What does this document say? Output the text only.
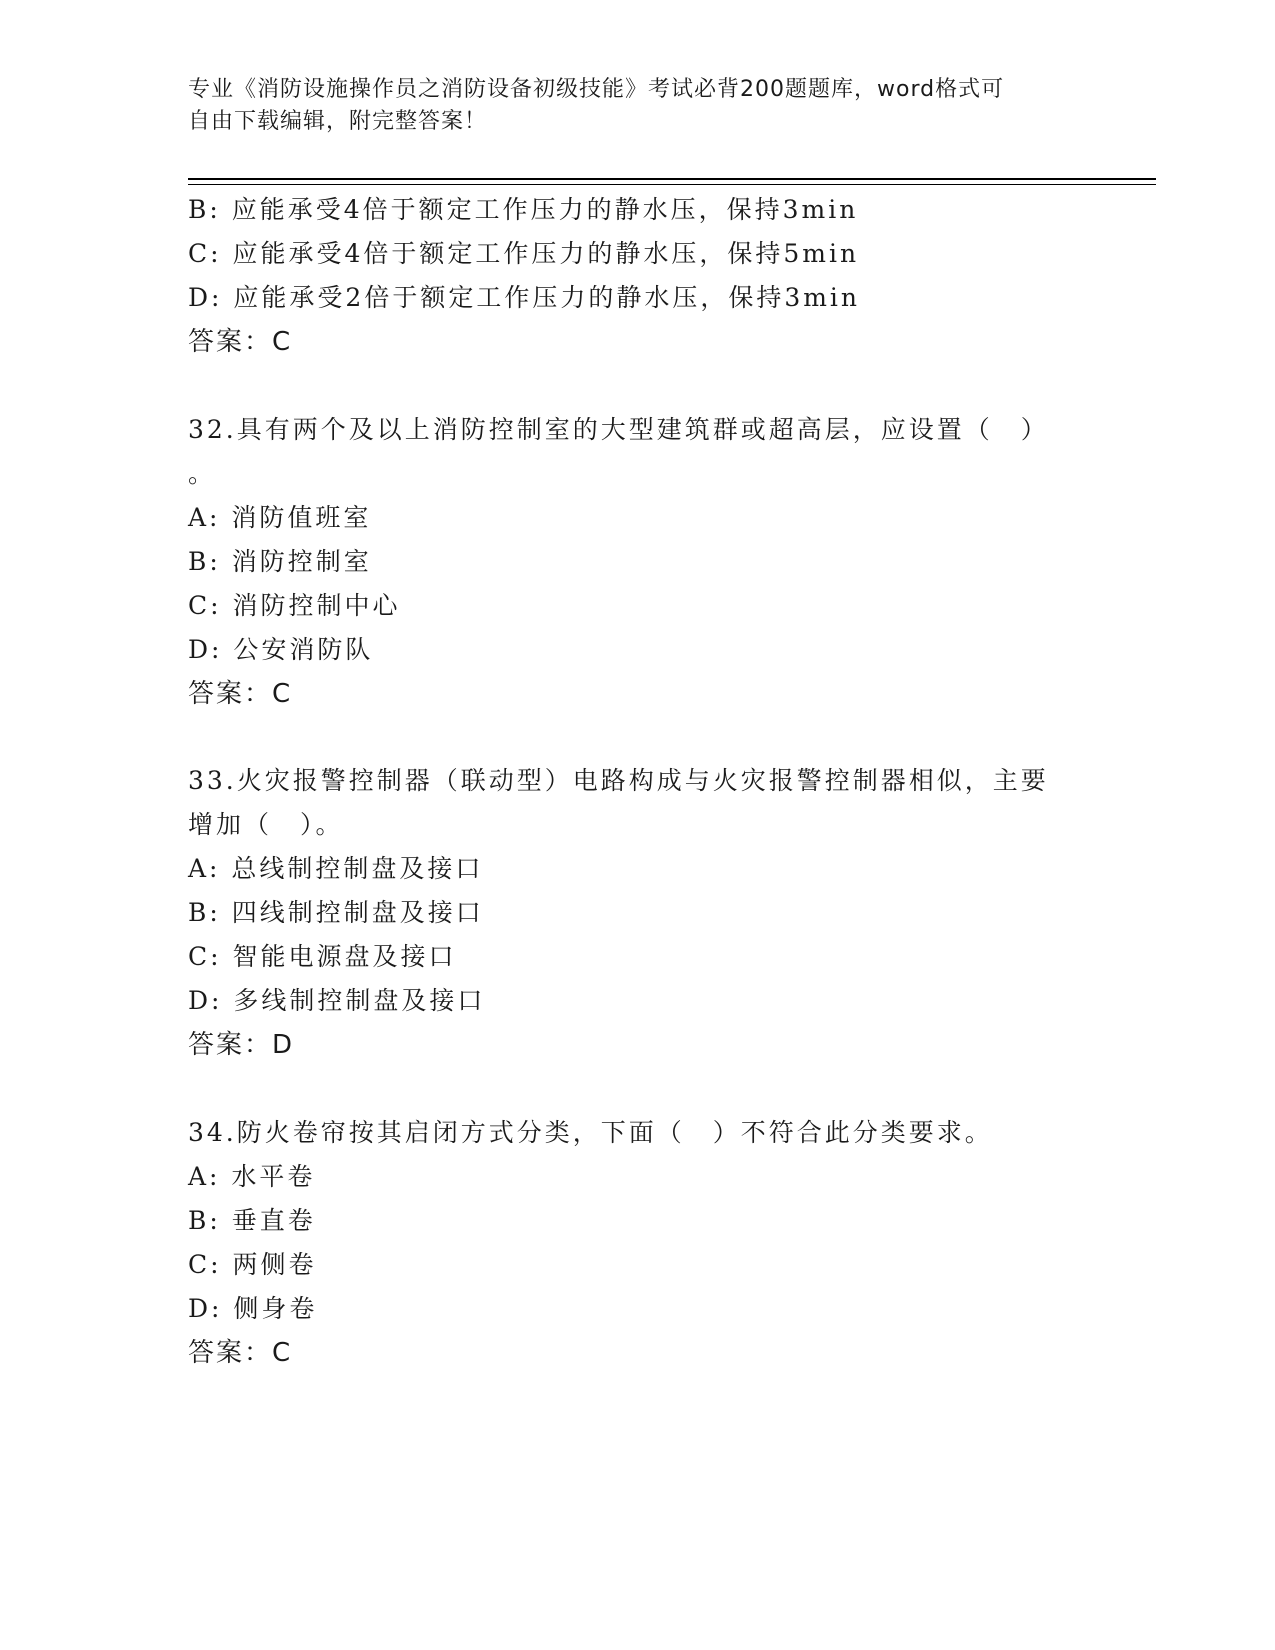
专业《消防设施操作员之消防设备初级技能》考试必背200题题库，word格式可
自由下载编辑，附完整答案！
B: 应能承受4倍于额定工作压力的静水压，保持3min
C: 应能承受4倍于额定工作压力的静水压，保持5min
D: 应能承受2倍于额定工作压力的静水压，保持3min
答案：C
32.具有两个及以上消防控制室的大型建筑群或超高层，应设置（　）
。
A: 消防值班室
B: 消防控制室
C: 消防控制中心
D: 公安消防队
答案：C
33.火灾报警控制器（联动型）电路构成与火灾报警控制器相似，主要
增加（　）。
A: 总线制控制盘及接口
B: 四线制控制盘及接口
C: 智能电源盘及接口
D: 多线制控制盘及接口
答案：D
34.防火卷帘按其启闭方式分类，下面（　）不符合此分类要求。
A: 水平卷
B: 垂直卷
C: 两侧卷
D: 侧身卷
答案：C
